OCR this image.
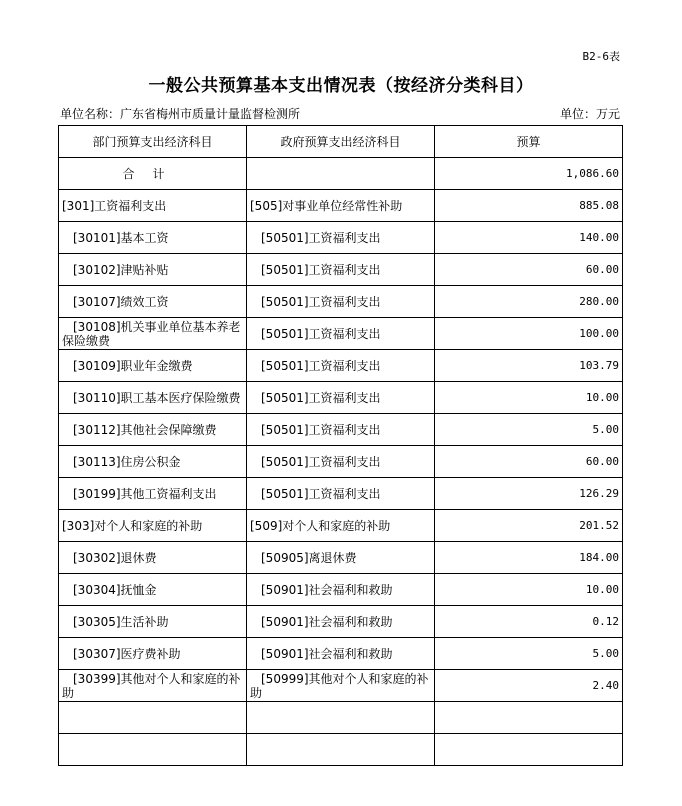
B2-6表
一般公共预算基本支出情况表（按经济分类科目）
单位名称：广东省梅州市质量计量监督检测所	单位：万元
部门预算支出经济科目	政府预算支出经济科目	预算
合计		1,086.60
[301]工资福利支出	[505]对事业单位经常性补助	885.08
[30101]基本工资	[50501]工资福利支出	140.00
[30102]津贴补贴	[50501]工资福利支出	60.00
[30107]绩效工资	[50501]工资福利支出	280.00
[30108]机关事业单位基本养老保险缴费	[50501]工资福利支出	100.00
[30109]职业年金缴费	[50501]工资福利支出	103.79
[30110]职工基本医疗保险缴费	[50501]工资福利支出	10.00
[30112]其他社会保障缴费	[50501]工资福利支出	5.00
[30113]住房公积金	[50501]工资福利支出	60.00
[30199]其他工资福利支出	[50501]工资福利支出	126.29
[303]对个人和家庭的补助	[509]对个人和家庭的补助	201.52
[30302]退休费	[50905]离退休费	184.00
[30304]抚恤金	[50901]社会福利和救助	10.00
[30305]生活补助	[50901]社会福利和救助	0.12
[30307]医疗费补助	[50901]社会福利和救助	5.00
[30399]其他对个人和家庭的补助	[50999]其他对个人和家庭的补助	2.40
